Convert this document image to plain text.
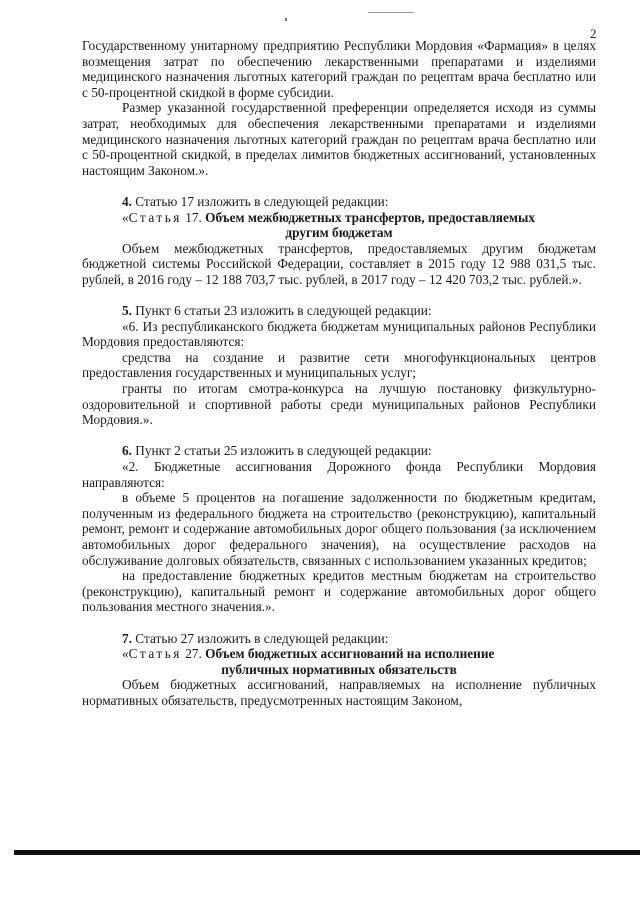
2

Государственному унитарному предприятию Республики Мордовия «Фармация» в целях возмещения затрат по обеспечению лекарственными препаратами и изделиями медицинского назначения льготных категорий граждан по рецептам врача бесплатно или с 50-процентной скидкой в форме субсидии.

Размер указанной государственной преференции определяется исходя из суммы затрат, необходимых для обеспечения лекарственными препаратами и изделиями медицинского назначения льготных категорий граждан по рецептам врача бесплатно или с 50-процентной скидкой, в пределах лимитов бюджетных ассигнований, установленных настоящим Законом.».

4. Статью 17 изложить в следующей редакции:

«Статья 17. Объем межбюджетных трансфертов, предоставляемых

другим бюджетам

Объем межбюджетных трансфертов, предоставляемых другим бюджетам бюджетной системы Российской Федерации, составляет в 2015 году 12 988 031,5 тыс. рублей, в 2016 году – 12 188 703,7 тыс. рублей, в 2017 году – 12 420 703,2 тыс. рублей.».

5. Пункт 6 статьи 23 изложить в следующей редакции:

«6. Из республиканского бюджета бюджетам муниципальных районов Республики Мордовия предоставляются:

средства на создание и развитие сети многофункциональных центров предоставления государственных и муниципальных услуг;

гранты по итогам смотра-конкурса на лучшую постановку физкультурно-оздоровительной и спортивной работы среди муниципальных районов Республики Мордовия.».

6. Пункт 2 статьи 25 изложить в следующей редакции:

«2. Бюджетные ассигнования Дорожного фонда Республики Мордовия направляются:

в объеме 5 процентов на погашение задолженности по бюджетным кредитам, полученным из федерального бюджета на строительство (реконструкцию), капитальный ремонт, ремонт и содержание автомобильных дорог общего пользования (за исключением автомобильных дорог федерального значения), на осуществление расходов на обслуживание долговых обязательств, связанных с использованием указанных кредитов;

на предоставление бюджетных кредитов местным бюджетам на строительство (реконструкцию), капитальный ремонт и содержание автомобильных дорог общего пользования местного значения.».

7. Статью 27 изложить в следующей редакции:

«Статья 27. Объем бюджетных ассигнований на исполнение

публичных нормативных обязательств

Объем бюджетных ассигнований, направляемых на исполнение публичных нормативных обязательств, предусмотренных настоящим Законом,
